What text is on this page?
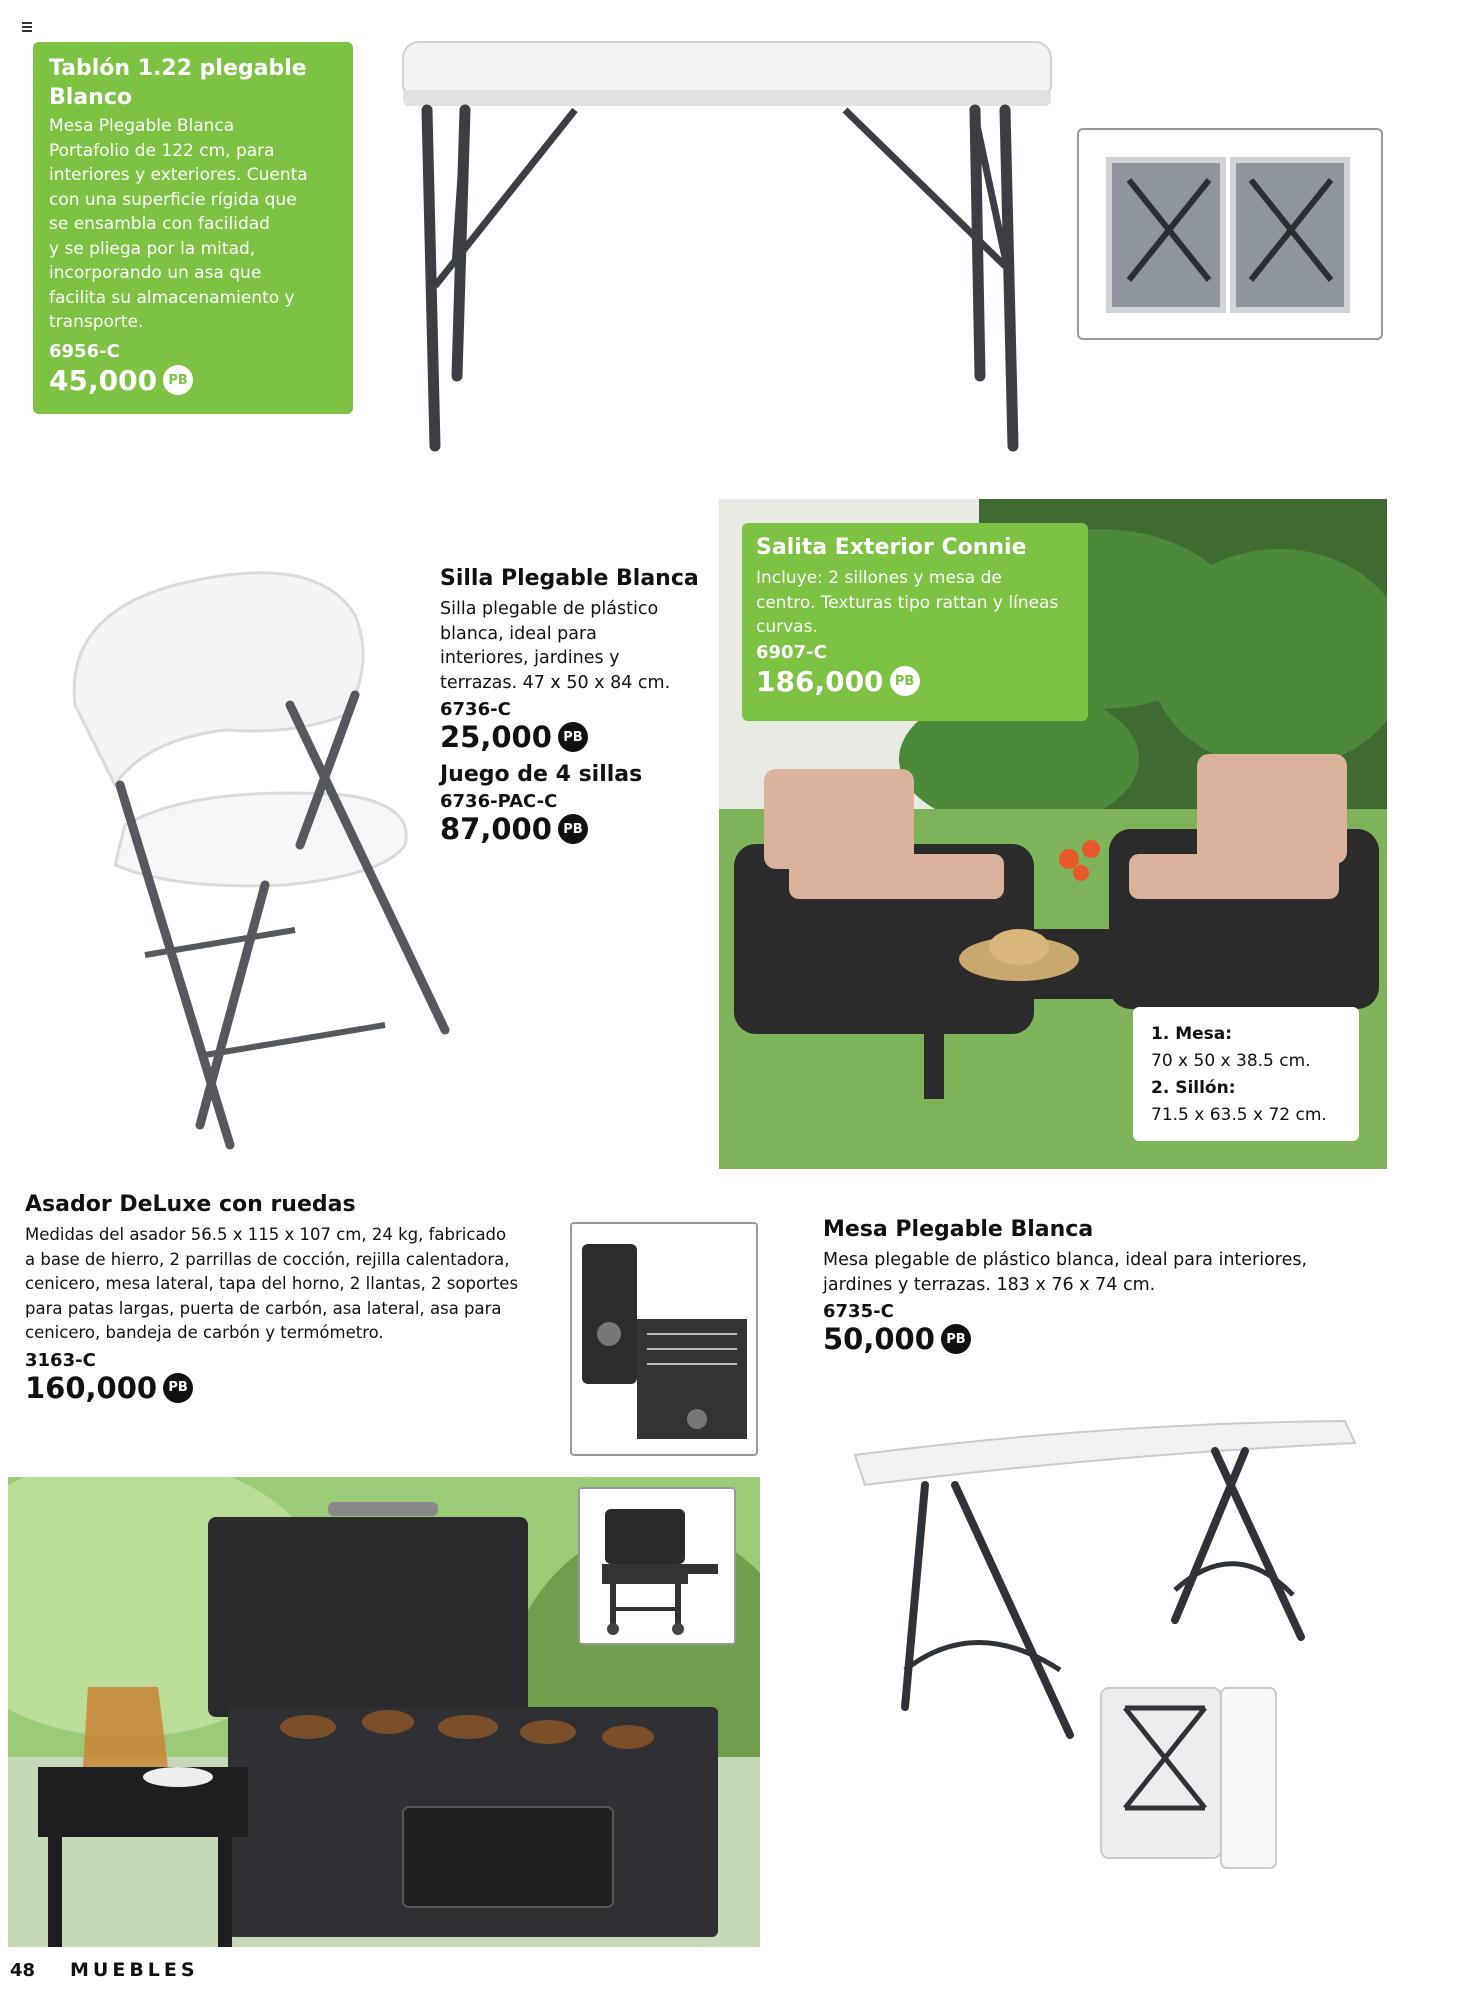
Tablón 1.22 plegable
Blanco
Mesa Plegable Blanca
Portafolio de 122 cm, para
interiores y exteriores. Cuenta
con una superficie rígida que
se ensambla con facilidad
y se pliega por la mitad,
incorporando un asa que
facilita su almacenamiento y
transporte.
6956-C
45,000 PB
Silla Plegable Blanca
Silla plegable de plástico
blanca, ideal para
interiores, jardines y
terrazas. 47 x 50 x 84 cm.
6736-C
25,000 PB
Juego de 4 sillas
6736-PAC-C
87,000 PB
Salita Exterior Connie
Incluye: 2 sillones y mesa de
centro. Texturas tipo rattan y líneas
curvas.
6907-C
186,000 PB
1. Mesa:
70 x 50 x 38.5 cm.
2. Sillón:
71.5 x 63.5 x 72 cm.
Asador DeLuxe con ruedas
Medidas del asador 56.5 x 115 x 107 cm, 24 kg, fabricado
a base de hierro, 2 parrillas de cocción, rejilla calentadora,
cenicero, mesa lateral, tapa del horno, 2 llantas, 2 soportes
para patas largas, puerta de carbón, asa lateral, asa para
cenicero, bandeja de carbón y termómetro.
3163-C
160,000 PB
Mesa Plegable Blanca
Mesa plegable de plástico blanca, ideal para interiores,
jardines y terrazas. 183 x 76 x 74 cm.
6735-C
50,000 PB
48 MUEBLES
